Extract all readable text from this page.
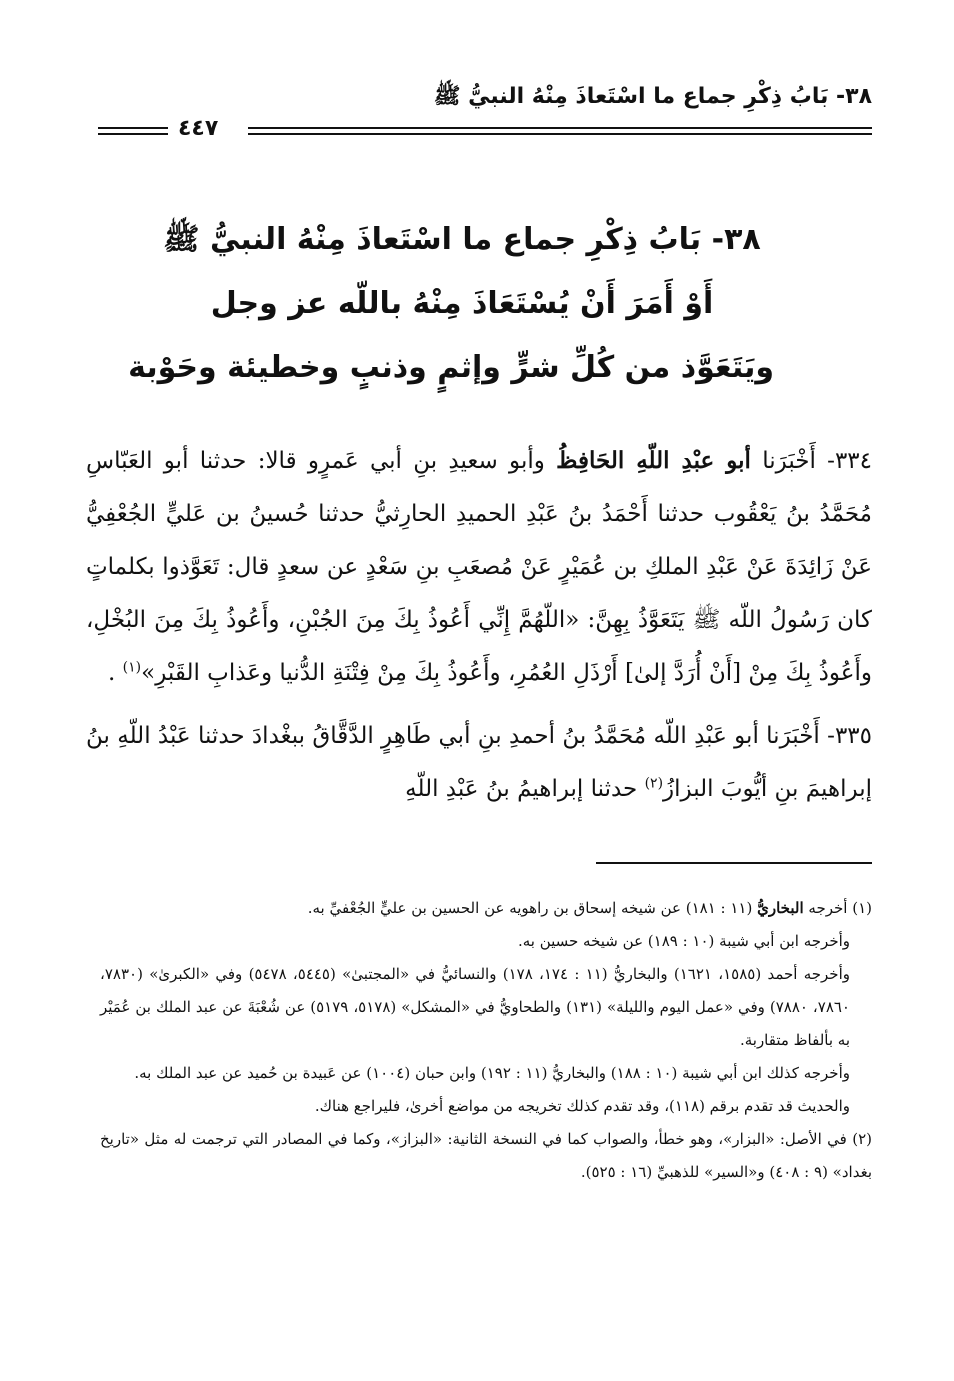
٣٨- بَابُ ذِكْرِ جماع ما اسْتَعاذَ مِنْهُ النبيُّ ﷺ
٤٤٧
٣٨- بَابُ ذِكْرِ جماع ما اسْتَعاذَ مِنْهُ النبيُّ ﷺ
أَوْ أَمَرَ أَنْ يُسْتَعَاذَ مِنْهُ باللّه عز وجل
ويَتَعَوَّذ من كُلِّ شرٍّ وإثمٍ وذنبٍ وخطيئة وحَوْبة

٣٣٤- أَخْبَرَنا أبو عبْدِ اللّهِ الحَافِظُ وأبو سعيدِ بنِ أبي عَمرٍو قالا: حدثنا أبو العَبّاسِ مُحَمَّدُ بنُ يَعْقُوب حدثنا أَحْمَدُ بنُ عَبْدِ الحميدِ الحارِثيُّ حدثنا حُسينُ بن عَليٍّ الجُعْفِيُّ عَنْ زَائِدَةَ عَنْ عَبْدِ الملكِ بن عُمَيْرٍ عَنْ مُصعَبِ بنِ سَعْدٍ عن سعدٍ قال: تَعَوَّذوا بكلماتٍ كان رَسُولُ اللّه ﷺ يَتَعَوَّذُ بِهِنَّ: «اللّهُمَّ إِنِّي أَعُوذُ بِكَ مِنَ الجُبْنِ، وأَعُوذُ بِكَ مِنَ البُخْلِ، وأَعُوذُ بِكَ مِنْ [أَنْ أُرَدَّ إلىٰ] أَرْذَلِ العُمُرِ، وأَعُوذُ بِكَ مِنْ فِتْنَةِ الدُّنيا وعَذابِ القَبْرِ»$^{(١)}$ .

٣٣٥- أَخْبَرَنا أبو عَبْدِ اللّه مُحَمَّدُ بنُ أحمدِ بنِ أبي طَاهِرٍ الدَّقَّاقُ ببغْدادَ حدثنا عَبْدُ اللّهِ بنُ إبراهيمَ بنِ أيُّوبَ البزازُ$^{(٢)}$ حدثنا إبراهيمُ بنُ عَبْدِ اللّهِ

(١) أخرجه البخاريُّ (١١ : ١٨١) عن شيخه إسحاق بن راهويه عن الحسين بن عليٍّ الجُعْفيِّ به.

وأخرجه ابن أبي شيبة (١٠ : ١٨٩) عن شيخه حسين به.

وأخرجه أحمد (١٥٨٥، ١٦٢١) والبخاريُّ (١١ : ١٧٤، ١٧٨) والنسائيُّ في «المجتبىٰ» (٥٤٤٥، ٥٤٧٨) وفي «الكبرىٰ» (٧٨٣٠، ٧٨٦٠، ٧٨٨٠) وفي «عمل اليوم والليلة» (١٣١) والطحاويُّ في «المشكل» (٥١٧٨، ٥١٧٩) عن شُعْبَةَ عن عبد الملك بن عُمَيْر به بألفاظ متقاربة.

وأخرجه كذلك ابن أبي شيبة (١٠ : ١٨٨) والبخاريُّ (١١ : ١٩٢) وابن حبان (١٠٠٤) عن عَبيدة بن حُميد عن عبد الملك به.

والحديث قد تقدم برقم (١١٨)، وقد تقدم كذلك تخريجه من مواضع أخرىٰ، فليراجع هناك.

(٢) في الأصل: «البزار»، وهو خطأ، والصواب كما في النسخة الثانية: «البزاز»، وكما في المصادر التي ترجمت له مثل «تاريخ بغداد» (٩ : ٤٠٨) و«السير» للذهبيِّ (١٦ : ٥٢٥).
